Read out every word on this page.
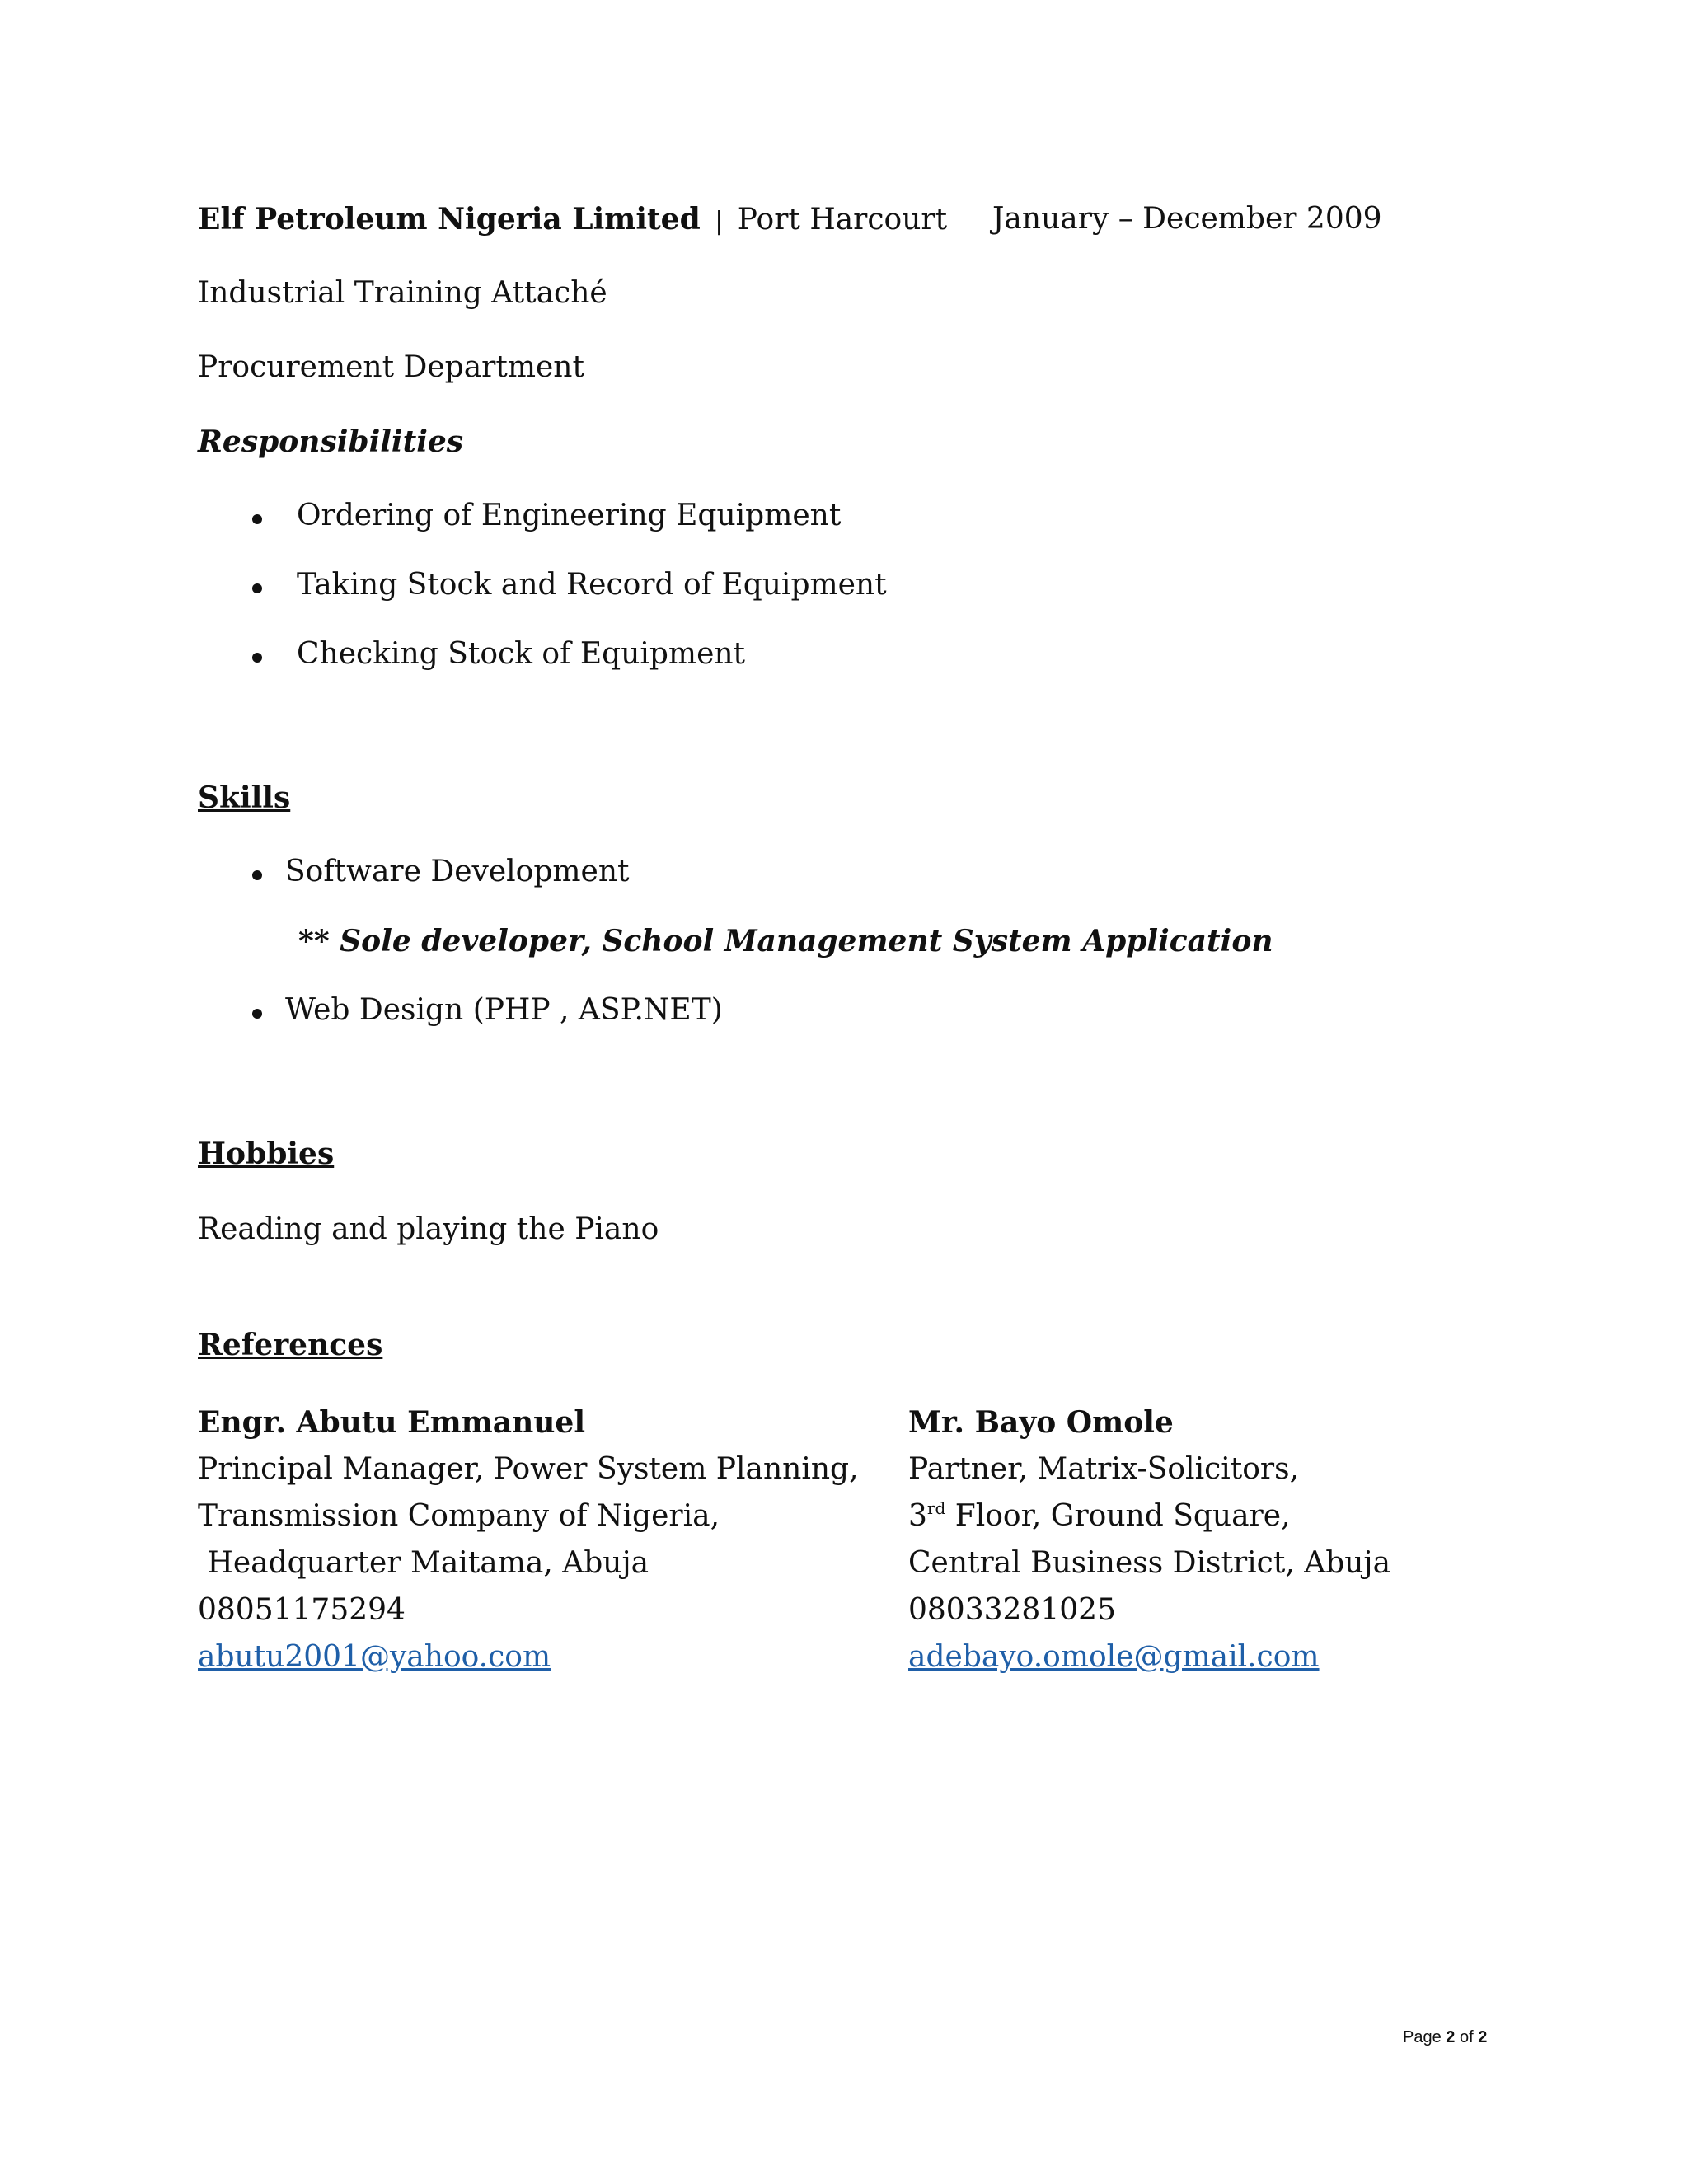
Elf Petroleum Nigeria Limited | Port Harcourt January – December 2009
Industrial Training Attaché
Procurement Department
Responsibilities
Ordering of Engineering Equipment
Taking Stock and Record of Equipment
Checking Stock of Equipment
Skills
Software Development
** Sole developer, School Management System Application
Web Design (PHP , ASP.NET)
Hobbies
Reading and playing the Piano
References
Engr. Abutu Emmanuel
Principal Manager, Power System Planning,
Transmission Company of Nigeria,
Headquarter Maitama, Abuja
08051175294
abutu2001@yahoo.com
Mr. Bayo Omole
Partner, Matrix-Solicitors,
3rd Floor, Ground Square,
Central Business District, Abuja
08033281025
adebayo.omole@gmail.com
Page 2 of 2
